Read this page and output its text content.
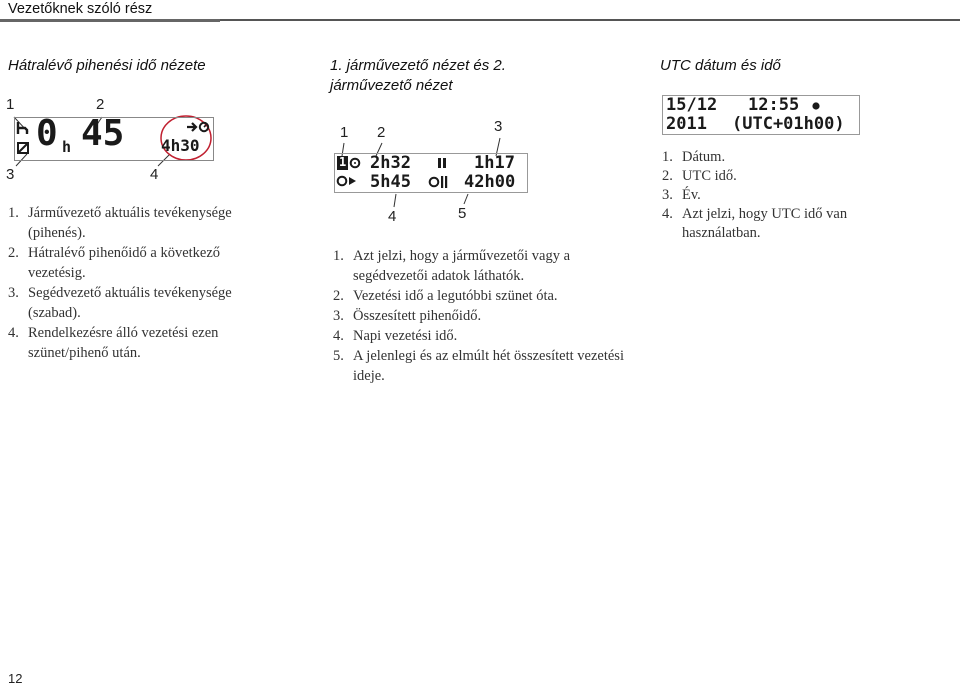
Vezetőknek szóló rész
Hátralévő pihenési idő nézete
1	2
3	4
0 h 45 4h30
1. Járművezető aktuális tevékenysége (pihenés).
2. Hátralévő pihenőidő a következő vezetésig.
3. Segédvezető aktuális tevékenysége (szabad).
4. Rendelkezésre álló vezetési ezen szünet/pihenő után.
1. járművezető nézet és 2. járművezető nézet
1 2	3
4	5
1 2h32	1h17
5h45	42h00
1. Azt jelzi, hogy a járművezetői vagy a segédvezetői adatok láthatók.
2. Vezetési idő a legutóbbi szünet óta.
3. Összesített pihenőidő.
4. Napi vezetési idő.
5. A jelenlegi és az elmúlt hét összesített vezetési ideje.
UTC dátum és idő
15/12 12:55
2011 (UTC+01h00)
1. Dátum.
2. UTC idő.
3. Év.
4. Azt jelzi, hogy UTC idő van használatban.
12
